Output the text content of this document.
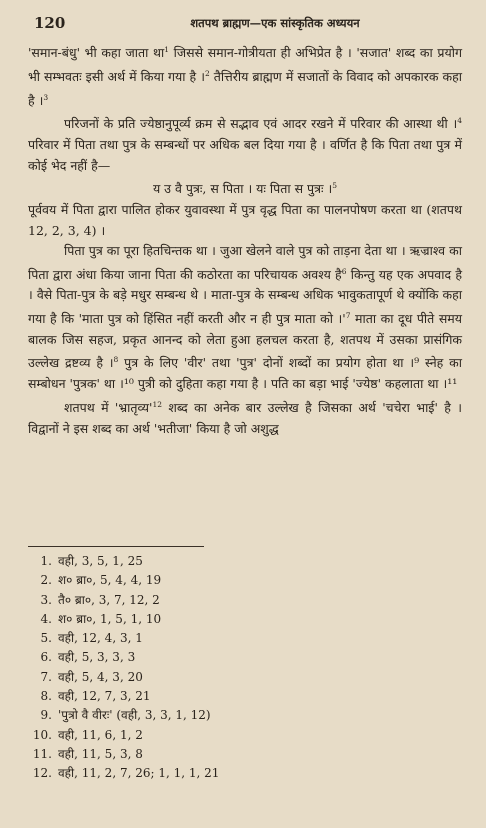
120	शतपथ ब्राह्मण—एक सांस्कृतिक अध्ययन

'समान-बंधु' भी कहा जाता था$^1$ जिससे समान-गोत्रीयता ही अभिप्रेत है । 'सजात' शब्द का प्रयोग भी सम्भवतः इसी अर्थ में किया गया है ।$^2$ तैत्तिरीय ब्राह्मण में सजातों के विवाद को अपकारक कहा है ।$^3$

परिजनों के प्रति ज्येष्ठानुपूर्व्य क्रम से सद्भाव एवं आदर रखने में परिवार की आस्था थी ।$^4$ परिवार में पिता तथा पुत्र के सम्बन्धों पर अधिक बल दिया गया है । वर्णित है कि पिता तथा पुत्र में कोई भेद नहीं है—

य उ वै पुत्रः, स पिता । यः पिता स पुत्रः ।$^5$

पूर्ववय में पिता द्वारा पालित होकर युवावस्था में पुत्र वृद्ध पिता का पालनपोषण करता था (शतपथ 12, 2, 3, 4) ।

पिता पुत्र का पूरा हितचिन्तक था । जुआ खेलने वाले पुत्र को ताड़ना देता था । ऋज्राश्व का पिता द्वारा अंधा किया जाना पिता की कठोरता का परिचायक अवश्य है$^6$ किन्तु यह एक अपवाद है । वैसे पिता-पुत्र के बड़े मधुर सम्बन्ध थे । माता-पुत्र के सम्बन्ध अधिक भावुकतापूर्ण थे क्योंकि कहा गया है कि 'माता पुत्र को हिंसित नहीं करती और न ही पुत्र माता को $।'^7$ माता का दूध पीते समय बालक जिस सहज, प्रकृत आनन्द को लेता हुआ हलचल करता है, शतपथ में उसका प्रासंगिक उल्लेख द्रष्टव्य है ।$^8$ पुत्र के लिए 'वीर' तथा 'पुत्र' दोनों शब्दों का प्रयोग होता था ।⁹ स्नेह का सम्बोधन 'पुत्रक' था ।¹⁰ पुत्री को दुहिता कहा गया है । पति का बड़ा भाई 'ज्येष्ठ' कहलाता था ।¹¹

शतपथ में '$भ्रातृव्य'^{12}$ शब्द का अनेक बार उल्लेख है जिसका अर्थ 'चचेरा भाई' है । विद्वानों ने इस शब्द का अर्थ 'भतीजा' किया है जो अशुद्ध

1. वही, 3, 5, 1, 25
2. श० ब्रा०, 5, 4, 4, 19
3. तै० ब्रा०, 3, 7, 12, 2
4. श० ब्रा०, 1, 5, 1, 10
5. वही, 12, 4, 3, 1
6. वही, 5, 3, 3, 3
7. वही, 5, 4, 3, 20
8. वही, 12, 7, 3, 21
9. 'पुत्रो वै वीरः' (वही, 3, 3, 1, 12)
10. वही, 11, 6, 1, 2
11. वही, 11, 5, 3, 8
12. वही, 11, 2, 7, 26; 1, 1, 1, 21
